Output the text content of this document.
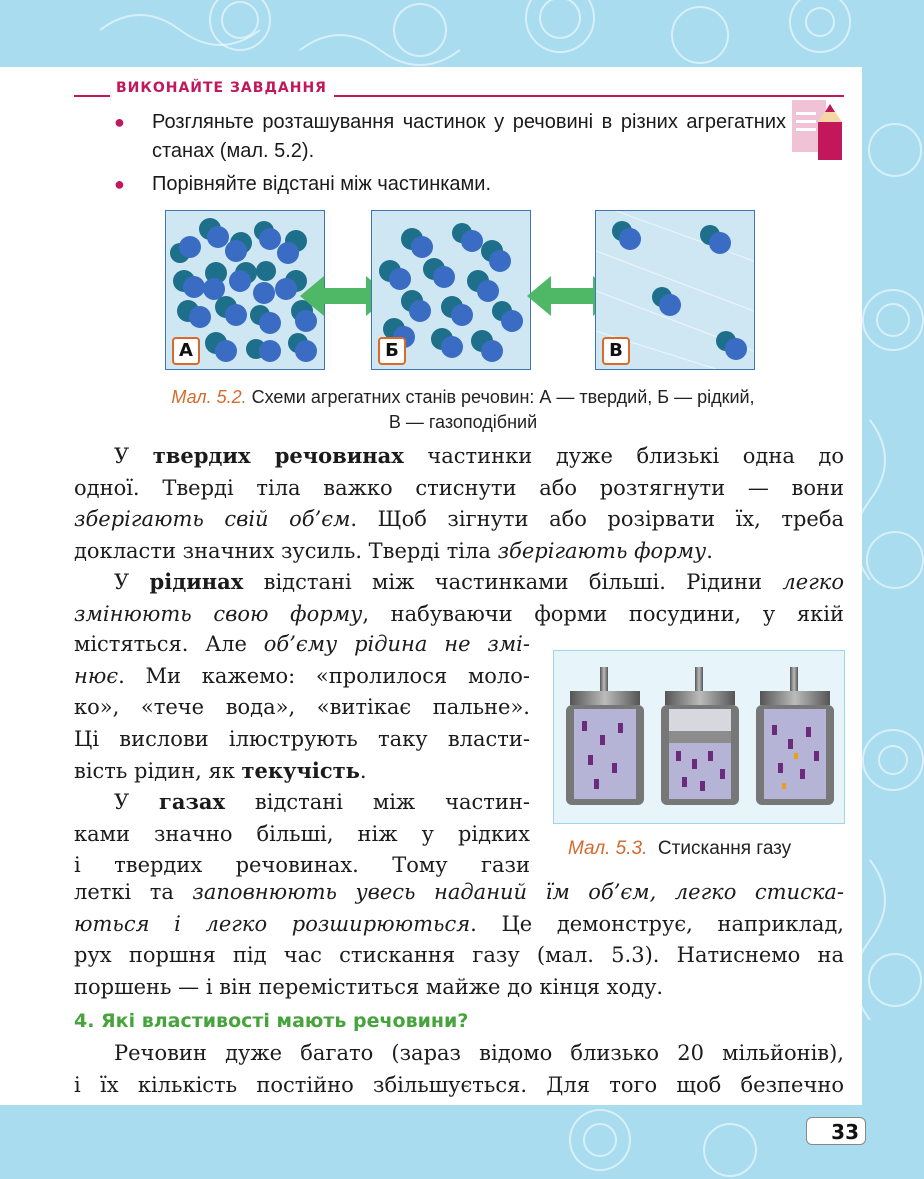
ВИКОНАЙТЕ ЗАВДАННЯ
● Розгляньте розташування частинок у речовині в різних агрегатних станах (мал. 5.2).
● Порівняйте відстані між частинками.
А	Б	В
Мал. 5.2. Схеми агрегатних станів речовин: А — твердий, Б — рідкий,
В — газоподібний
У твердих речовинах частинки дуже близькі одна до
одної. Тверді тіла важко стиснути або розтягнути — вони
зберігають свій об’єм. Щоб зігнути або розірвати їх, треба
докласти значних зусиль. Тверді тіла зберігають форму.
У рідинах відстані між частинками більші. Рідини легко
змінюють свою форму, набуваючи форми посудини, у якій
містяться. Але об’єму рідина не змі-
нює. Ми кажемо: «пролилося моло-
ко», «тече вода», «витікає пальне».
Ці вислови ілюструють таку власти-
вість рідин, як текучість.
У газах відстані між частин-
ками значно більші, ніж у рідких
і твердих речовинах. Тому гази
леткі та заповнюють увесь наданий їм об’єм, легко стиска-
ються і легко розширюються. Це демонструє, наприклад,
рух поршня під час стискання газу (мал. 5.3). Натиснемо на
поршень — і він переміститься майже до кінця ходу.
Мал. 5.3. Стискання газу
4. Які властивості мають речовини?
Речовин дуже багато (зараз відомо близько 20 мільйонів),
і їх кількість постійно збільшується. Для того щоб безпечно
33
